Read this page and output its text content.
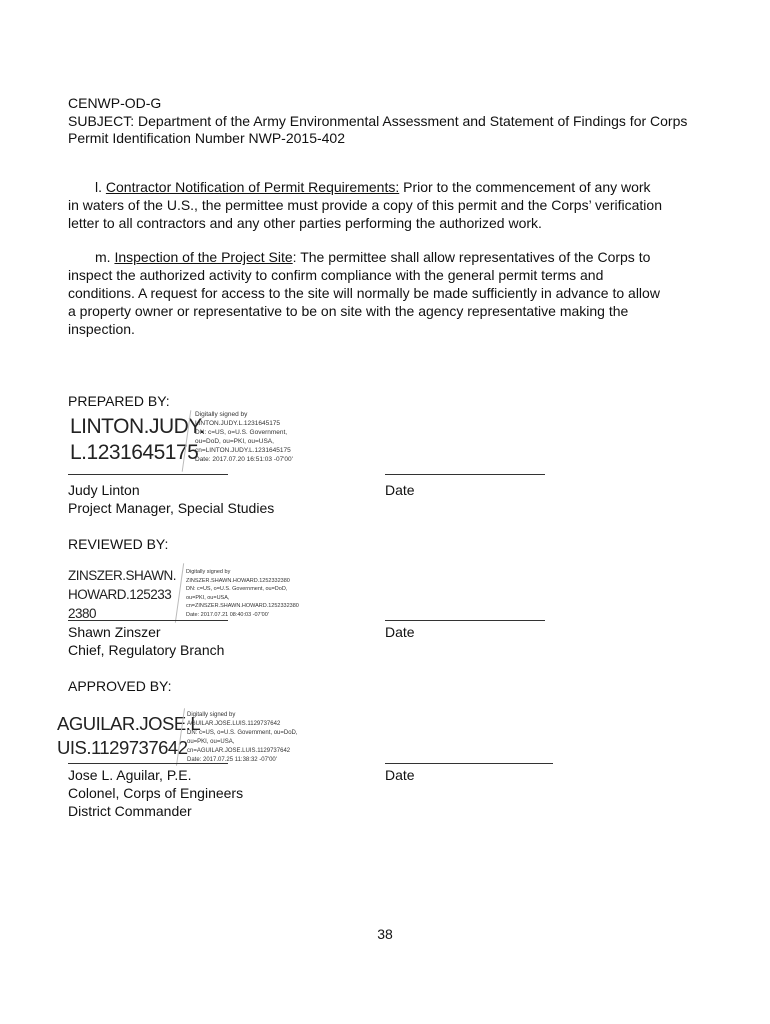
CENWP-OD-G
SUBJECT: Department of the Army Environmental Assessment and Statement of Findings for Corps
Permit Identification Number NWP-2015-402
l. Contractor Notification of Permit Requirements: Prior to the commencement of any work
in waters of the U.S., the permittee must provide a copy of this permit and the Corps’ verification
letter to all contractors and any other parties performing the authorized work.
m. Inspection of the Project Site: The permittee shall allow representatives of the Corps to
inspect the authorized activity to confirm compliance with the general permit terms and
conditions. A request for access to the site will normally be made sufficiently in advance to allow
a property owner or representative to be on site with the agency representative making the
inspection.
PREPARED BY:
LINTON.JUDY.
L.1231645175
Digitally signed by
LINTON.JUDY.L.1231645175
DN: c=US, o=U.S. Government,
ou=DoD, ou=PKI, ou=USA,
cn=LINTON.JUDY.L.1231645175
Date: 2017.07.20 16:51:03 -07'00'
Judy Linton
Project Manager, Special Studies
Date
REVIEWED BY:
ZINSZER.SHAWN.
HOWARD.125233
2380
Digitally signed by
ZINSZER.SHAWN.HOWARD.1252332380
DN: c=US, o=U.S. Government, ou=DoD,
ou=PKI, ou=USA,
cn=ZINSZER.SHAWN.HOWARD.1252332380
Date: 2017.07.21 08:40:03 -07'00'
Shawn Zinszer
Chief, Regulatory Branch
Date
APPROVED BY:
AGUILAR.JOSE.L
UIS.1129737642
Digitally signed by
AGUILAR.JOSE.LUIS.1129737642
DN: c=US, o=U.S. Government, ou=DoD,
ou=PKI, ou=USA,
cn=AGUILAR.JOSE.LUIS.1129737642
Date: 2017.07.25 11:38:32 -07'00'
Jose L. Aguilar, P.E.
Colonel, Corps of Engineers
District Commander
Date
38
